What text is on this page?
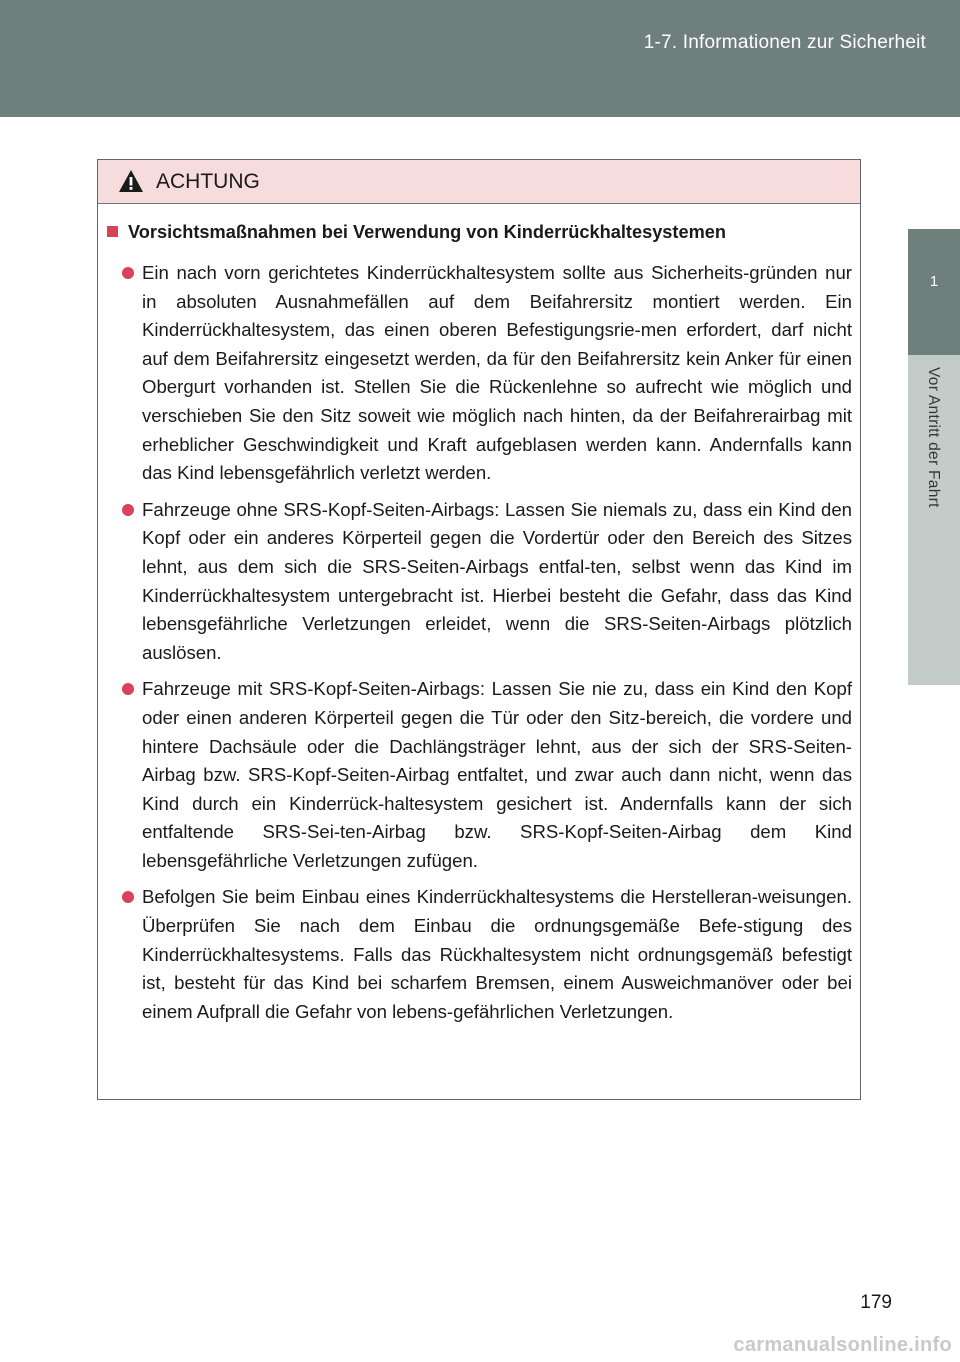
1-7. Informationen zur Sicherheit
1
Vor Antritt der Fahrt
ACHTUNG
Vorsichtsmaßnahmen bei Verwendung von Kinderrückhaltesystemen
Ein nach vorn gerichtetes Kinderrückhaltesystem sollte aus Sicherheits-gründen nur in absoluten Ausnahmefällen auf dem Beifahrersitz montiert werden. Ein Kinderrückhaltesystem, das einen oberen Befestigungsrie-men erfordert, darf nicht auf dem Beifahrersitz eingesetzt werden, da für den Beifahrersitz kein Anker für einen Obergurt vorhanden ist. Stellen Sie die Rückenlehne so aufrecht wie möglich und verschieben Sie den Sitz soweit wie möglich nach hinten, da der Beifahrerairbag mit erheblicher Geschwindigkeit und Kraft aufgeblasen werden kann. Andernfalls kann das Kind lebensgefährlich verletzt werden.
Fahrzeuge ohne SRS-Kopf-Seiten-Airbags: Lassen Sie niemals zu, dass ein Kind den Kopf oder ein anderes Körperteil gegen die Vordertür oder den Bereich des Sitzes lehnt, aus dem sich die SRS-Seiten-Airbags entfal-ten, selbst wenn das Kind im Kinderrückhaltesystem untergebracht ist. Hierbei besteht die Gefahr, dass das Kind lebensgefährliche Verletzungen erleidet, wenn die SRS-Seiten-Airbags plötzlich auslösen.
Fahrzeuge mit SRS-Kopf-Seiten-Airbags: Lassen Sie nie zu, dass ein Kind den Kopf oder einen anderen Körperteil gegen die Tür oder den Sitz-bereich, die vordere und hintere Dachsäule oder die Dachlängsträger lehnt, aus der sich der SRS-Seiten-Airbag bzw. SRS-Kopf-Seiten-Airbag entfaltet, und zwar auch dann nicht, wenn das Kind durch ein Kinderrück-haltesystem gesichert ist. Andernfalls kann der sich entfaltende SRS-Sei-ten-Airbag bzw. SRS-Kopf-Seiten-Airbag dem Kind lebensgefährliche Verletzungen zufügen.
Befolgen Sie beim Einbau eines Kinderrückhaltesystems die Herstelleran-weisungen. Überprüfen Sie nach dem Einbau die ordnungsgemäße Befe-stigung des Kinderrückhaltesystems. Falls das Rückhaltesystem nicht ordnungsgemäß befestigt ist, besteht für das Kind bei scharfem Bremsen, einem Ausweichmanöver oder bei einem Aufprall die Gefahr von lebens-gefährlichen Verletzungen.
179
carmanualsonline.info
